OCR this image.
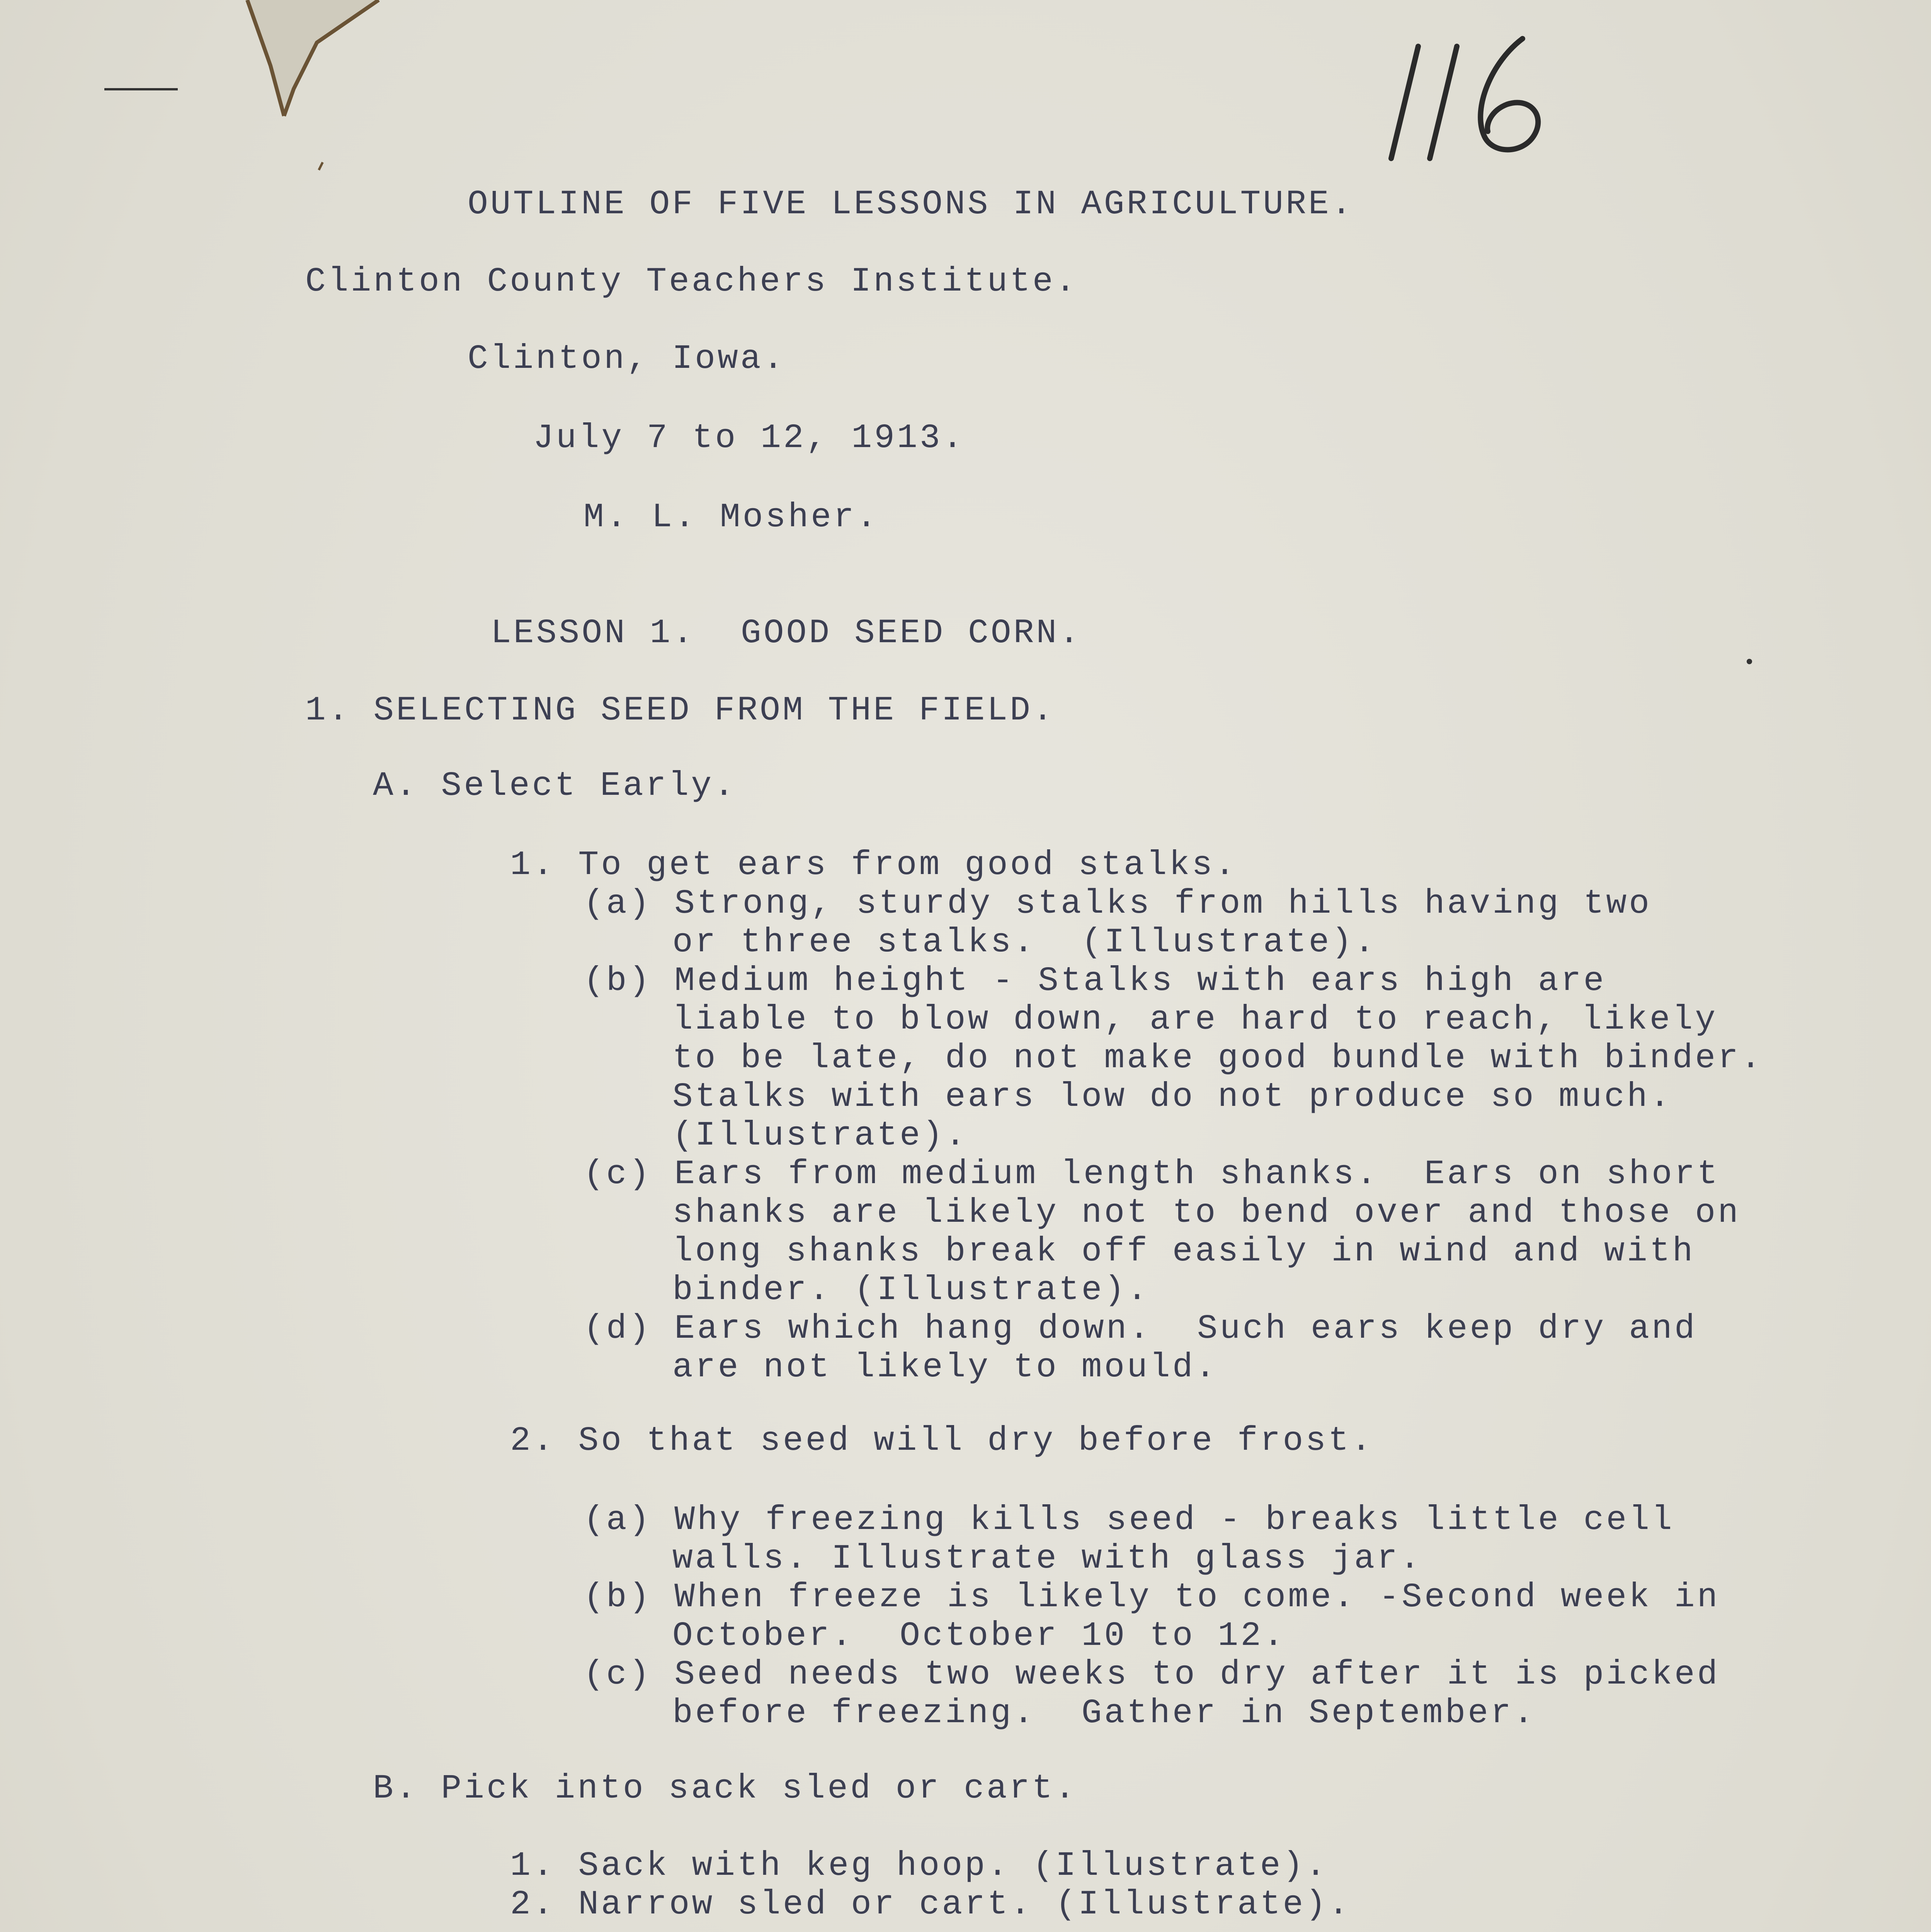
OUTLINE OF FIVE LESSONS IN AGRICULTURE.
Clinton County Teachers Institute.
Clinton, Iowa.
July 7 to 12, 1913.
M. L. Mosher.
LESSON 1.  GOOD SEED CORN.
1. SELECTING SEED FROM THE FIELD.
A. Select Early.
1. To get ears from good stalks.
(a) Strong, sturdy stalks from hills having two
or three stalks.  (Illustrate).
(b) Medium height - Stalks with ears high are
liable to blow down, are hard to reach, likely
to be late, do not make good bundle with binder.
Stalks with ears low do not produce so much.
(Illustrate).
(c) Ears from medium length shanks.  Ears on short
shanks are likely not to bend over and those on
long shanks break off easily in wind and with
binder. (Illustrate).
(d) Ears which hang down.  Such ears keep dry and
are not likely to mould.
2. So that seed will dry before frost.
(a) Why freezing kills seed - breaks little cell
walls. Illustrate with glass jar.
(b) When freeze is likely to come. -Second week in
October.  October 10 to 12.
(c) Seed needs two weeks to dry after it is picked
before freezing.  Gather in September.
B. Pick into sack sled or cart.
1. Sack with keg hoop. (Illustrate).
2. Narrow sled or cart. (Illustrate).
